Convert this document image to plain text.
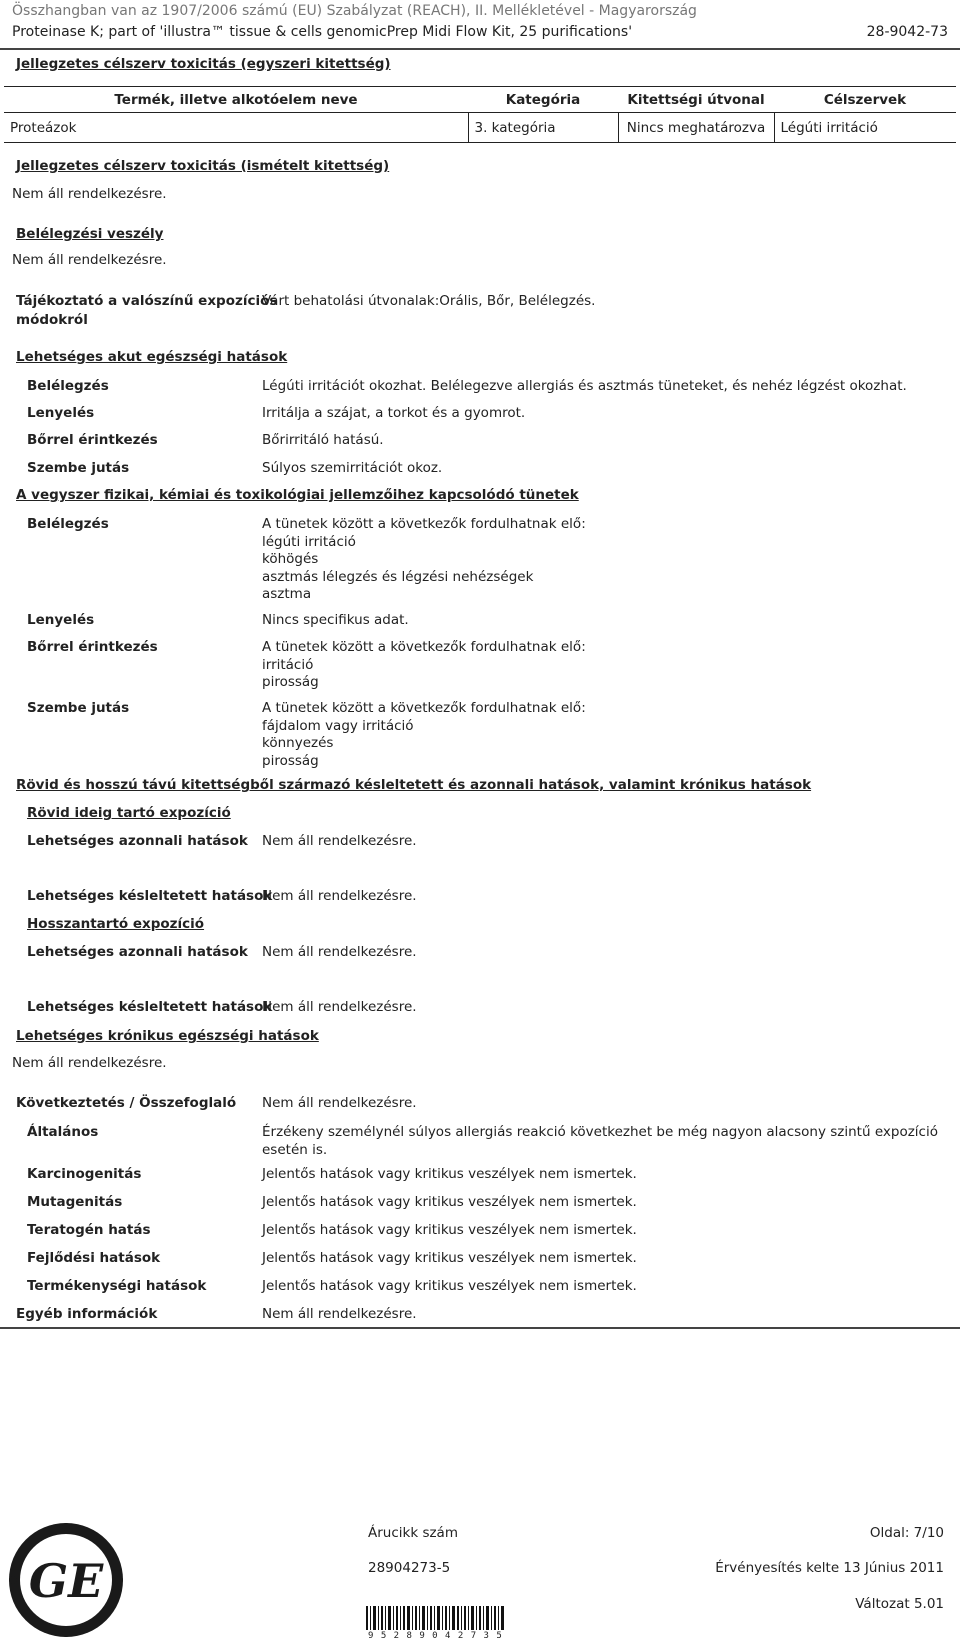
Összhangban van az 1907/2006 számú (EU) Szabályzat (REACH), II. Mellékletével - Magyarország
Proteinase K; part of 'illustra™ tissue & cells genomicPrep Midi Flow Kit, 25 purifications'	28-9042-73
Jellegzetes célszerv toxicitás (egyszeri kitettség)
Termék, illetve alkotóelem neve	Kategória	Kitettségi útvonal	Célszervek
Proteázok	3. kategória	Nincs meghatározva	Légúti irritáció
Jellegzetes célszerv toxicitás (ismételt kitettség)
Nem áll rendelkezésre.
Belélegzési veszély
Nem áll rendelkezésre.
Tájékoztató a valószínű expozíciós
módokról
Várt behatolási útvonalak:Orális, Bőr, Belélegzés.
Lehetséges akut egészségi hatások
Belélegzés	Légúti irritációt okozhat. Belélegezve allergiás és asztmás tüneteket, és nehéz légzést okozhat.
Lenyelés	Irritálja a szájat, a torkot és a gyomrot.
Bőrrel érintkezés	Bőrirritáló hatású.
Szembe jutás	Súlyos szemirritációt okoz.
A vegyszer fizikai, kémiai és toxikológiai jellemzőihez kapcsolódó tünetek
Belélegzés	A tünetek között a következők fordulhatnak elő:
légúti irritáció
köhögés
asztmás lélegzés és légzési nehézségek
asztma
Lenyelés	Nincs specifikus adat.
Bőrrel érintkezés	A tünetek között a következők fordulhatnak elő:
irritáció
pirosság
Szembe jutás	A tünetek között a következők fordulhatnak elő:
fájdalom vagy irritáció
könnyezés
pirosság
Rövid és hosszú távú kitettségből származó késleltetett és azonnali hatások, valamint krónikus hatások
Rövid ideig tartó expozíció
Lehetséges azonnali hatások Nem áll rendelkezésre.
Lehetséges késleltetett hatások
Nem áll rendelkezésre.
Hosszantartó expozíció
Lehetséges azonnali hatások Nem áll rendelkezésre.
Lehetséges késleltetett hatások
Nem áll rendelkezésre.
Lehetséges krónikus egészségi hatások
Nem áll rendelkezésre.
Következtetés / Összefoglaló Nem áll rendelkezésre.
Általános	Érzékeny személynél súlyos allergiás reakció következhet be még nagyon alacsony szintű expozíció
esetén is.
Karcinogenitás	Jelentős hatások vagy kritikus veszélyek nem ismertek.
Mutagenitás	Jelentős hatások vagy kritikus veszélyek nem ismertek.
Teratogén hatás	Jelentős hatások vagy kritikus veszélyek nem ismertek.
Fejlődési hatások	Jelentős hatások vagy kritikus veszélyek nem ismertek.
Termékenységi hatások	Jelentős hatások vagy kritikus veszélyek nem ismertek.
Egyéb információk	Nem áll rendelkezésre.
GE
Árucikk szám
28904273-5
Oldal: 7/10
Érvényesítés kelte 13 Június 2011
Változat 5.01
9 5 2 8 9 0 4 2 7 3 5
